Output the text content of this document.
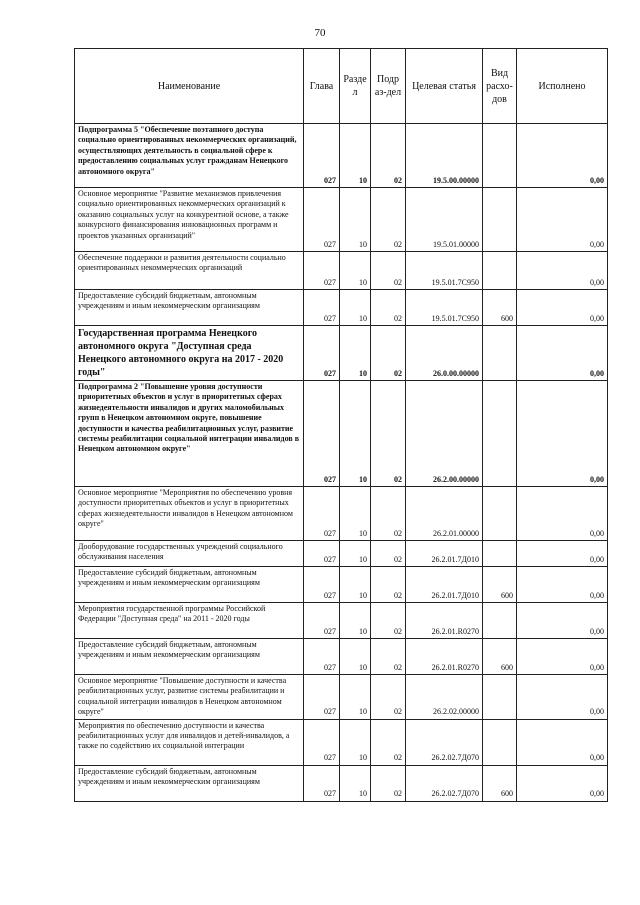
70
Наименование	Глава	Разде л	Подр аз-дел	Целевая статья	Вид расхо- дов	Исполнено
Подпрограмма 5 "Обеспечение поэтапного доступа социально ориентированных некоммерческих организаций, осуществляющих деятельность в социальной сфере к предоставлению социальных услуг гражданам Ненецкого автономного округа"	027	10	02	19.5.00.00000		0,00
Основное мероприятие "Развитие механизмов привлечения социально ориентированных некоммерческих организаций к оказанию социальных услуг на конкурентной основе, а также конкурсного финансирования инновационных программ и проектов указанных организаций"	027	10	02	19.5.01.00000		0,00
Обеспечение поддержки и развития деятельности социально ориентированных некоммерческих организаций	027	10	02	19.5.01.7С950		0,00
Предоставление субсидий бюджетным, автономным учреждениям и иным некоммерческим организациям	027	10	02	19.5.01.7С950	600	0,00
Государственная программа Ненецкого автономного округа "Доступная среда Ненецкого автономного округа на 2017 - 2020 годы"	027	10	02	26.0.00.00000		0,00
Подпрограмма 2 "Повышение уровня доступности приоритетных объектов и услуг в приоритетных сферах жизнедеятельности инвалидов и других маломобильных групп в Ненецком автономном округе, повышение доступности и качества реабилитационных услуг, развитие системы реабилитации социальной интеграции инвалидов в Ненецком автономном округе"	027	10	02	26.2.00.00000		0,00
Основное мероприятие "Мероприятия по обеспечению уровня доступности приоритетных объектов и услуг в приоритетных сферах жизнедеятельности инвалидов в Ненецком автономном округе"	027	10	02	26.2.01.00000		0,00
Дооборудование государственных учреждений социального обслуживания населения	027	10	02	26.2.01.7Д010		0,00
Предоставление субсидий бюджетным, автономным учреждениям и иным некоммерческим организациям	027	10	02	26.2.01.7Д010	600	0,00
Мероприятия государственной программы Российской Федерации "Доступная среда" на 2011 - 2020 годы	027	10	02	26.2.01.R0270		0,00
Предоставление субсидий бюджетным, автономным учреждениям и иным некоммерческим организациям	027	10	02	26.2.01.R0270	600	0,00
Основное мероприятие "Повышение доступности и качества реабилитационных услуг, развитие системы реабилитации и социальной интеграции инвалидов в Ненецком автономном округе"	027	10	02	26.2.02.00000		0,00
Мероприятия по обеспечению доступности и качества реабилитационных услуг для инвалидов и детей-инвалидов, а также по содействию их социальной интеграции	027	10	02	26.2.02.7Д070		0,00
Предоставление субсидий бюджетным, автономным учреждениям и иным некоммерческим организациям	027	10	02	26.2.02.7Д070	600	0,00
